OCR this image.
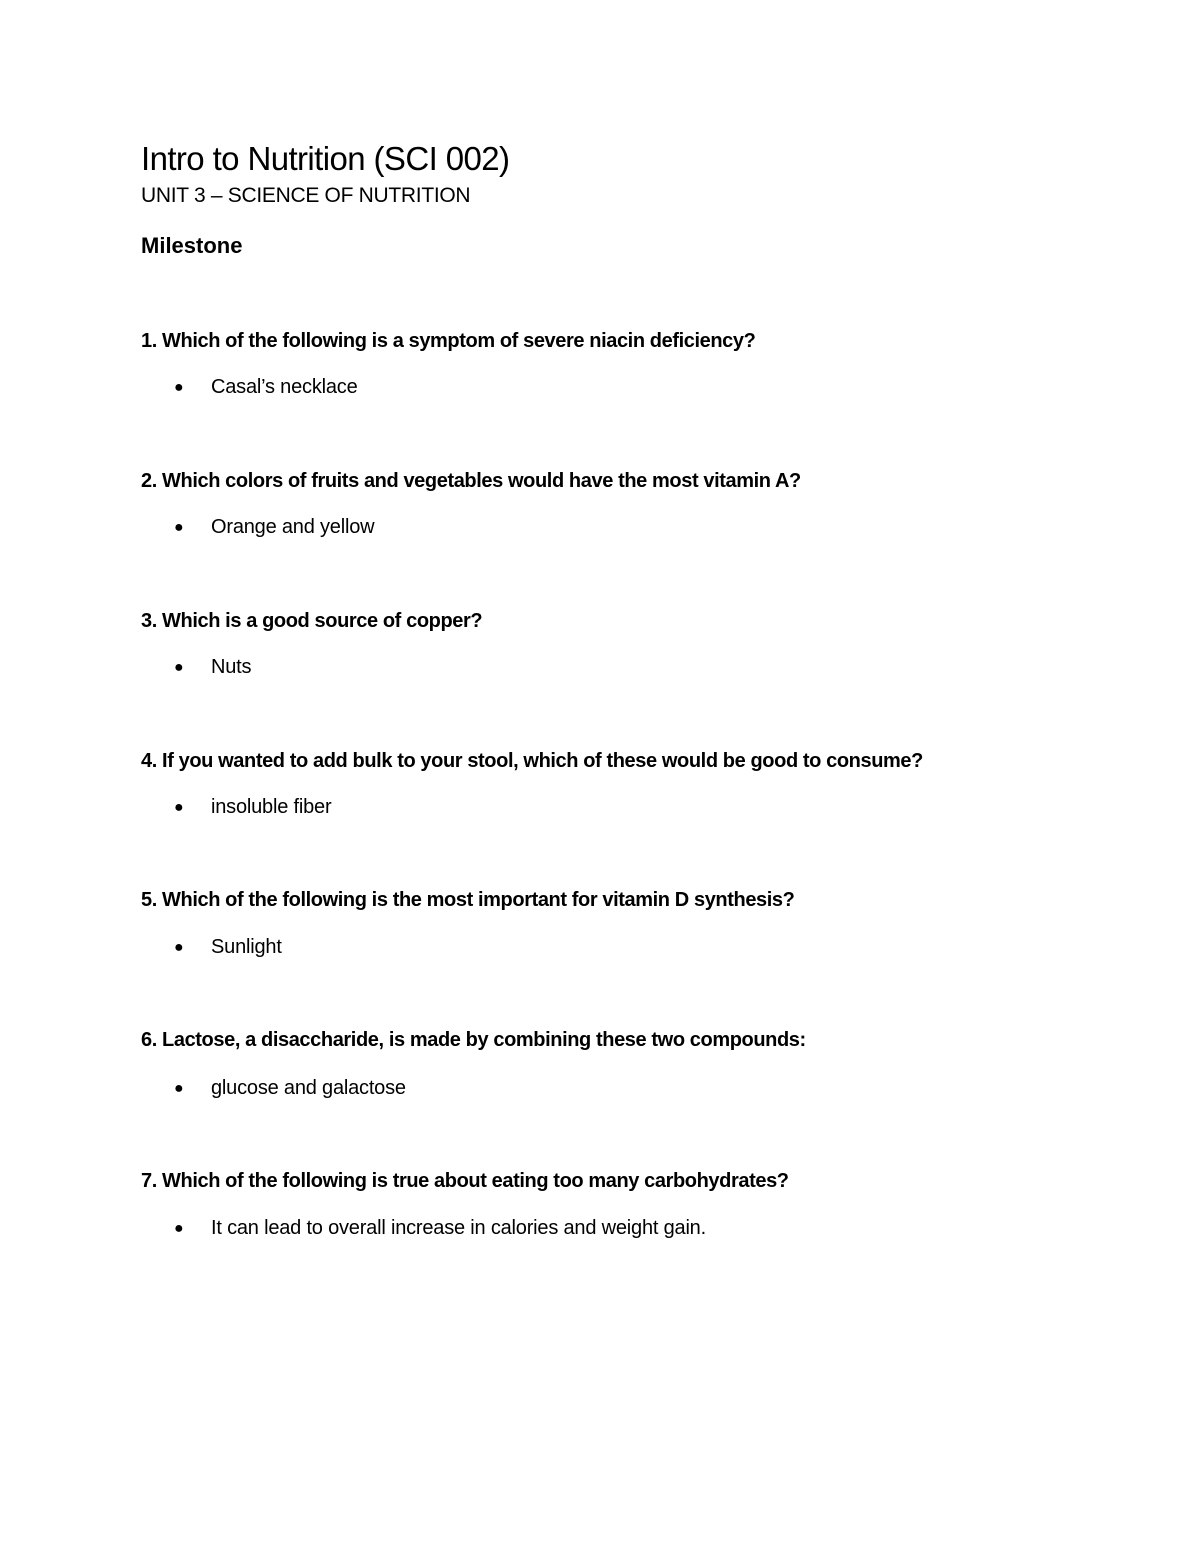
Intro to Nutrition (SCI 002)
UNIT 3 – SCIENCE OF NUTRITION
Milestone
1. Which of the following is a symptom of severe niacin deficiency?
● Casal’s necklace
2. Which colors of fruits and vegetables would have the most vitamin A?
● Orange and yellow
3. Which is a good source of copper?
● Nuts
4. If you wanted to add bulk to your stool, which of these would be good to consume?
● insoluble fiber
5. Which of the following is the most important for vitamin D synthesis?
● Sunlight
6. Lactose, a disaccharide, is made by combining these two compounds:
● glucose and galactose
7. Which of the following is true about eating too many carbohydrates?
● It can lead to overall increase in calories and weight gain.
